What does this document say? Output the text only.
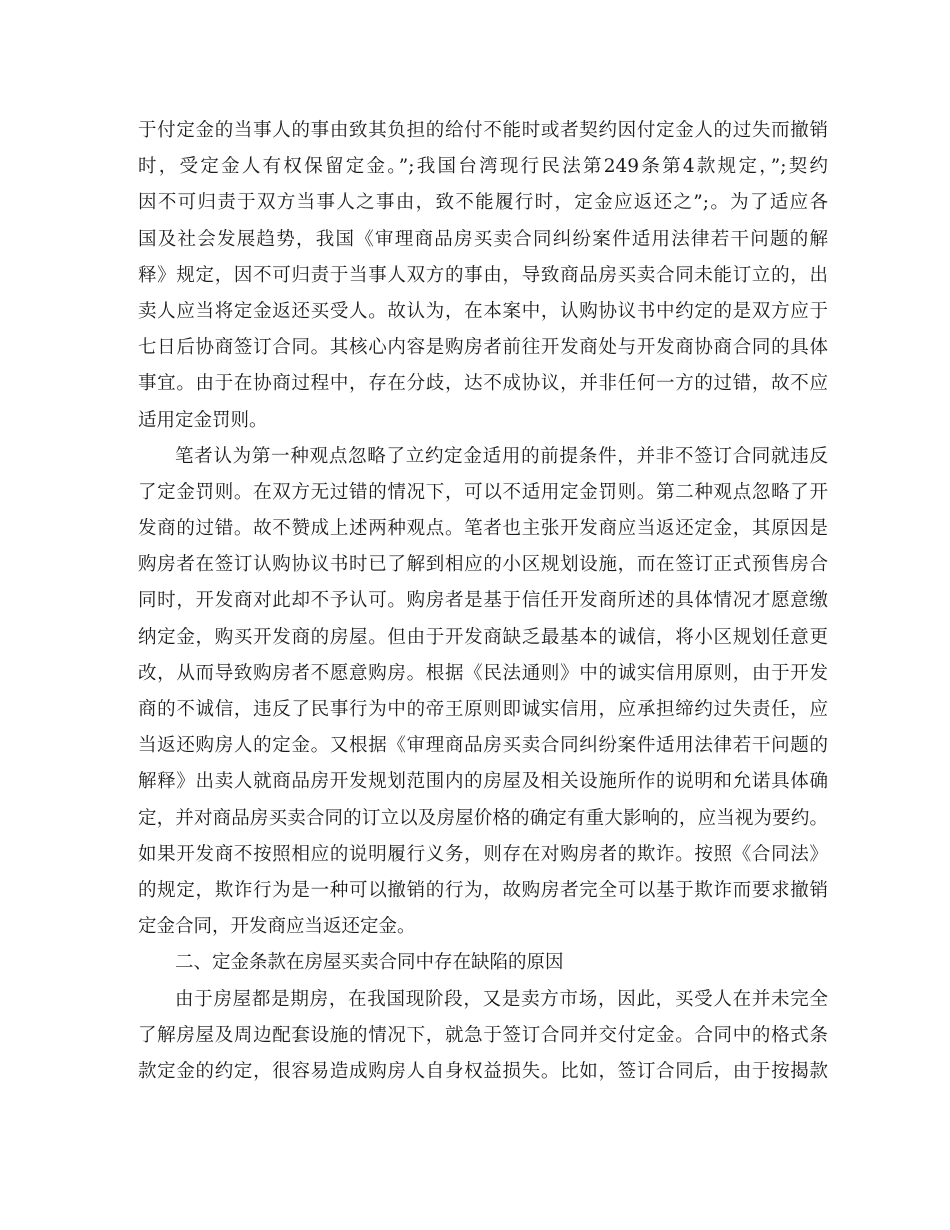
于付定金的当事人的事由致其负担的给付不能时或者契约因付定金人的过失而撤销
时，受定金人有权保留定金。”;我国台湾现行民法第249条第4款规定，”;契约
因不可归责于双方当事人之事由，致不能履行时，定金应返还之”;。为了适应各
国及社会发展趋势，我国《审理商品房买卖合同纠纷案件适用法律若干问题的解
释》规定，因不可归责于当事人双方的事由，导致商品房买卖合同未能订立的，出
卖人应当将定金返还买受人。故认为，在本案中，认购协议书中约定的是双方应于
七日后协商签订合同。其核心内容是购房者前往开发商处与开发商协商合同的具体
事宜。由于在协商过程中，存在分歧，达不成协议，并非任何一方的过错，故不应
适用定金罚则。
笔者认为第一种观点忽略了立约定金适用的前提条件，并非不签订合同就违反
了定金罚则。在双方无过错的情况下，可以不适用定金罚则。第二种观点忽略了开
发商的过错。故不赞成上述两种观点。笔者也主张开发商应当返还定金，其原因是
购房者在签订认购协议书时已了解到相应的小区规划设施，而在签订正式预售房合
同时，开发商对此却不予认可。购房者是基于信任开发商所述的具体情况才愿意缴
纳定金，购买开发商的房屋。但由于开发商缺乏最基本的诚信，将小区规划任意更
改，从而导致购房者不愿意购房。根据《民法通则》中的诚实信用原则，由于开发
商的不诚信，违反了民事行为中的帝王原则即诚实信用，应承担缔约过失责任，应
当返还购房人的定金。又根据《审理商品房买卖合同纠纷案件适用法律若干问题的
解释》出卖人就商品房开发规划范围内的房屋及相关设施所作的说明和允诺具体确
定，并对商品房买卖合同的订立以及房屋价格的确定有重大影响的，应当视为要约。
如果开发商不按照相应的说明履行义务，则存在对购房者的欺诈。按照《合同法》
的规定，欺诈行为是一种可以撤销的行为，故购房者完全可以基于欺诈而要求撤销
定金合同，开发商应当返还定金。
二、定金条款在房屋买卖合同中存在缺陷的原因
由于房屋都是期房，在我国现阶段，又是卖方市场，因此，买受人在并未完全
了解房屋及周边配套设施的情况下，就急于签订合同并交付定金。合同中的格式条
款定金的约定，很容易造成购房人自身权益损失。比如，签订合同后，由于按揭款
